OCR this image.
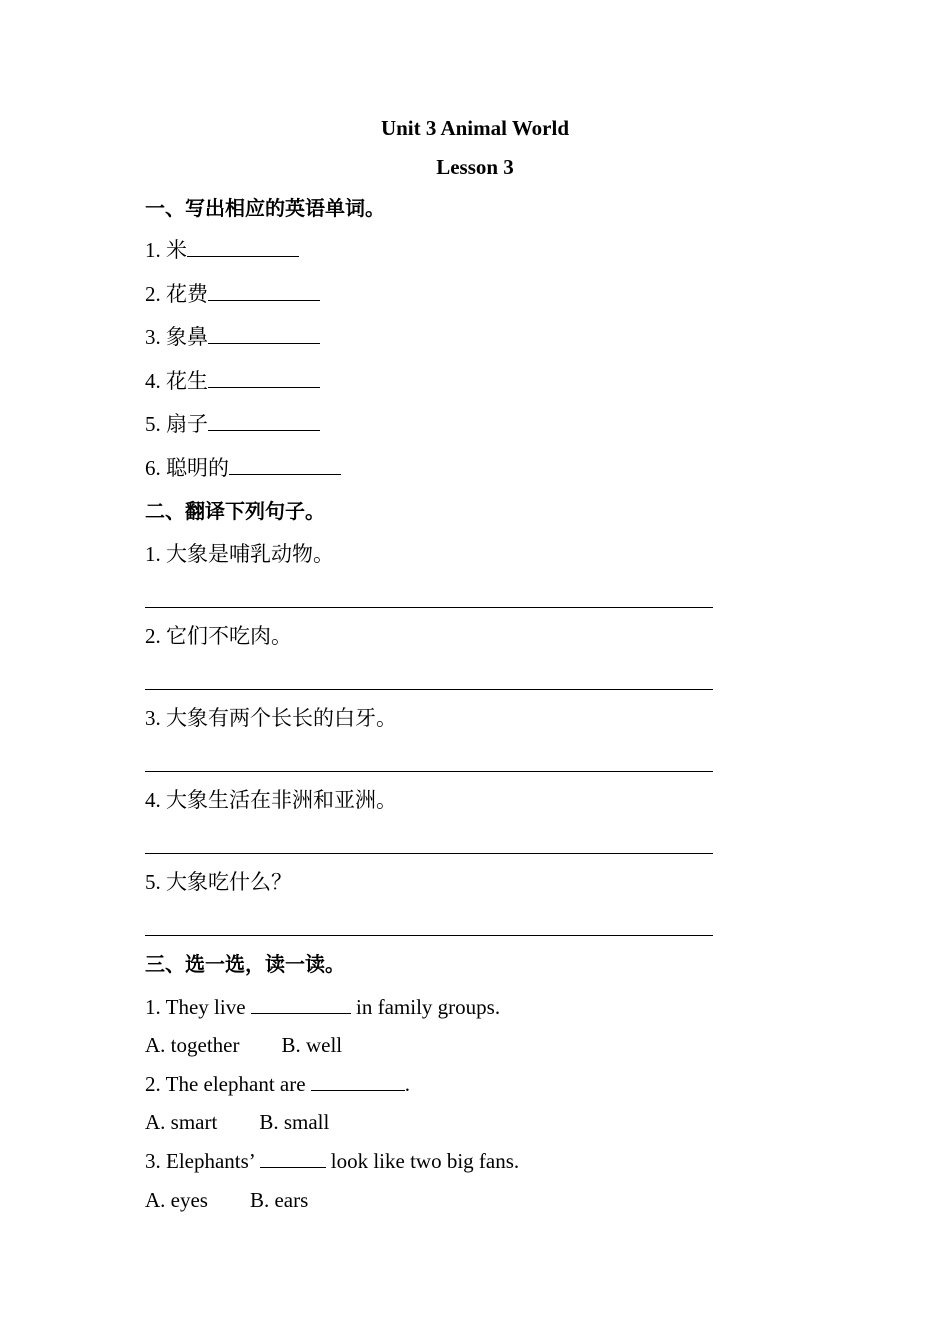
Unit 3 Animal World
Lesson 3
一、写出相应的英语单词。
1. 米
2. 花费
3. 象鼻
4. 花生
5. 扇子
6. 聪明的
二、翻译下列句子。
1. 大象是哺乳动物。
2. 它们不吃肉。
3. 大象有两个长长的白牙。
4. 大象生活在非洲和亚洲。
5. 大象吃什么？
三、选一选，读一读。
1. They live	in family groups.
A. together B. well
2. The elephant are	.
A. smart B. small
3. Elephants’	look like two big fans.
A. eyes B. ears
